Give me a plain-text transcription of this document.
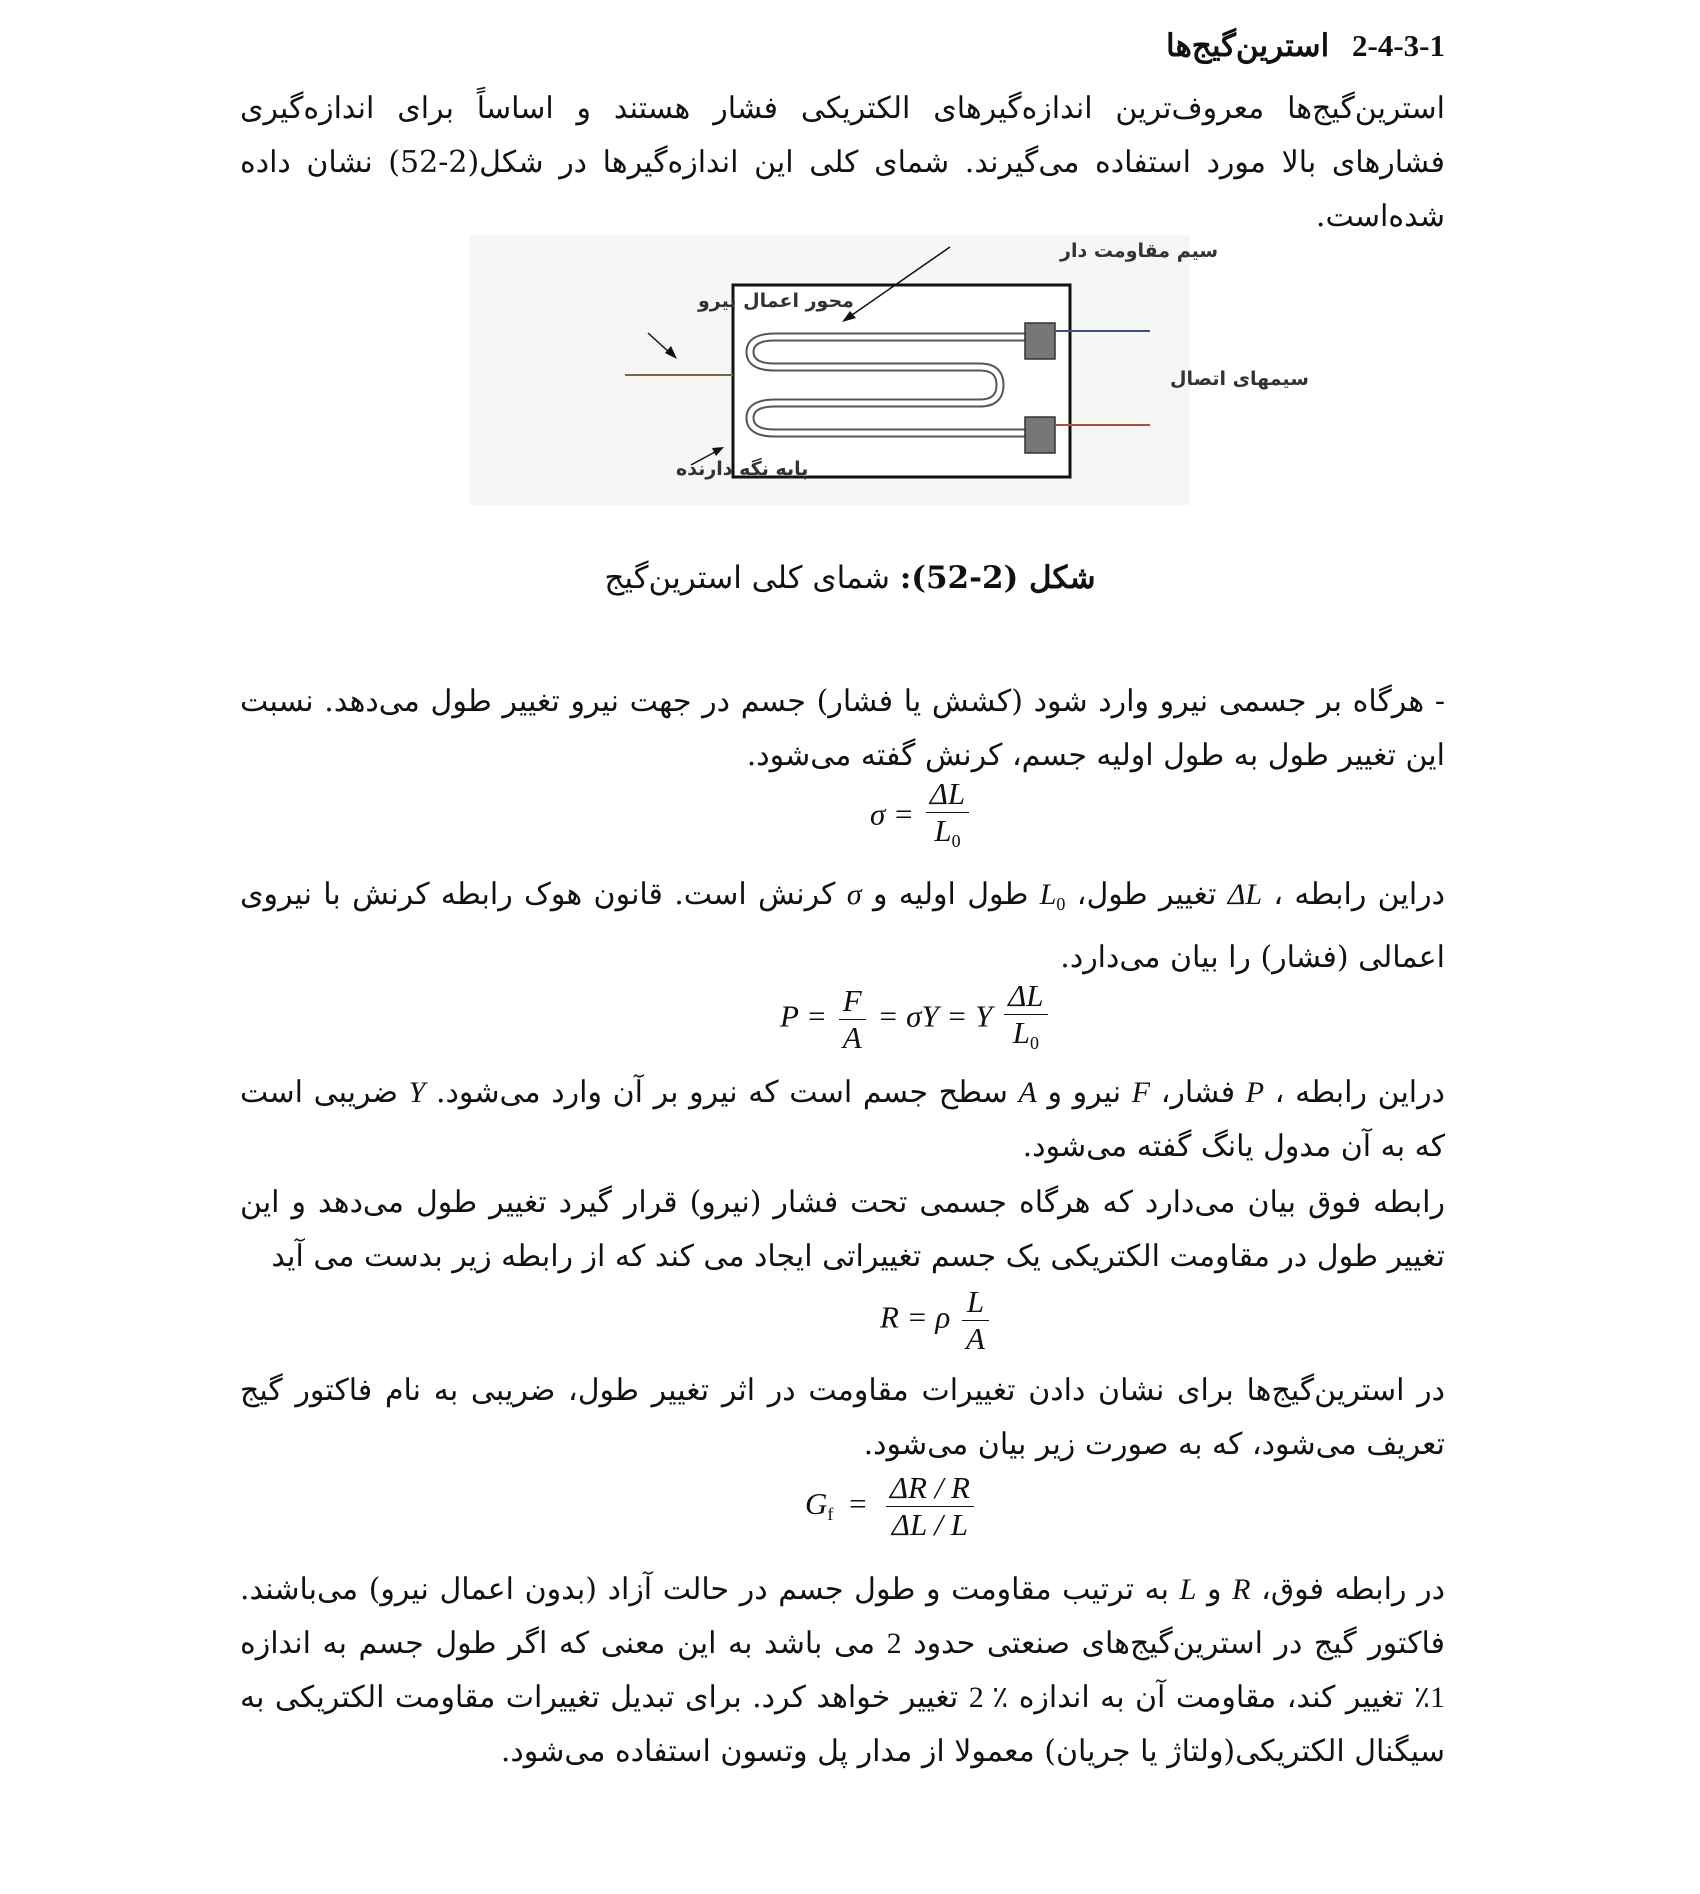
2-4-3-1 استرین‌گیج‌ها

استرین‌گیج‌ها معروف‌ترین اندازه‌گیرهای الکتریکی فشار هستند و اساساً برای اندازه‌گیری فشارهای بالا مورد استفاده می‌گیرند. شمای کلی این اندازه‌گیرها در شکل(2-52) نشان داده شده‌است.

سیم مقاومت دار
محور اعمال نیرو
سیمهای اتصال
پایه نگه دارنده
شکل (2-52): شمای کلی استرین‌گیج

- هرگاه بر جسمی نیرو وارد شود (کشش یا فشار) جسم در جهت نیرو تغییر طول می‌دهد. نسبت این تغییر طول به طول اولیه جسم، کرنش گفته می‌شود.

$\sigma = \frac{\Delta L}{L_0}$

دراین رابطه ، ΔL تغییر طول، $L_0$ طول اولیه و σ کرنش است. قانون هوک رابطه کرنش با نیروی اعمالی (فشار) را بیان می‌دارد.

$P = \frac{F}{A} = \sigma Y = Y \frac{\Delta L}{L_0}$

دراین رابطه ، P فشار، F نیرو و A سطح جسم است که نیرو بر آن وارد می‌شود. Y ضریبی است که به آن مدول یانگ گفته می‌شود.

رابطه فوق بیان می‌دارد که هرگاه جسمی تحت فشار (نیرو) قرار گیرد تغییر طول می‌دهد و این تغییر طول در مقاومت الکتریکی یک جسم تغییراتی ایجاد می کند که از رابطه زیر بدست می آید

R = ρ $\frac{L}{A}$

در استرین‌گیج‌ها برای نشان دادن تغییرات مقاومت در اثر تغییر طول، ضریبی به نام فاکتور گیج تعریف می‌شود، که به صورت زیر بیان می‌شود.

$G_f = \frac{\Delta R / R}{\Delta L / L}$

در رابطه فوق، R و L به ترتیب مقاومت و طول جسم در حالت آزاد (بدون اعمال نیرو) می‌باشند. فاکتور گیج در استرین‌گیج‌های صنعتی حدود 2 می باشد به این معنی که اگر طول جسم به اندازه 1٪ تغییر کند، مقاومت آن به اندازه ٪ 2 تغییر خواهد کرد. برای تبدیل تغییرات مقاومت الکتریکی به سیگنال الکتریکی(ولتاژ یا جریان) معمولا از مدار پل وتسون استفاده می‌شود.
